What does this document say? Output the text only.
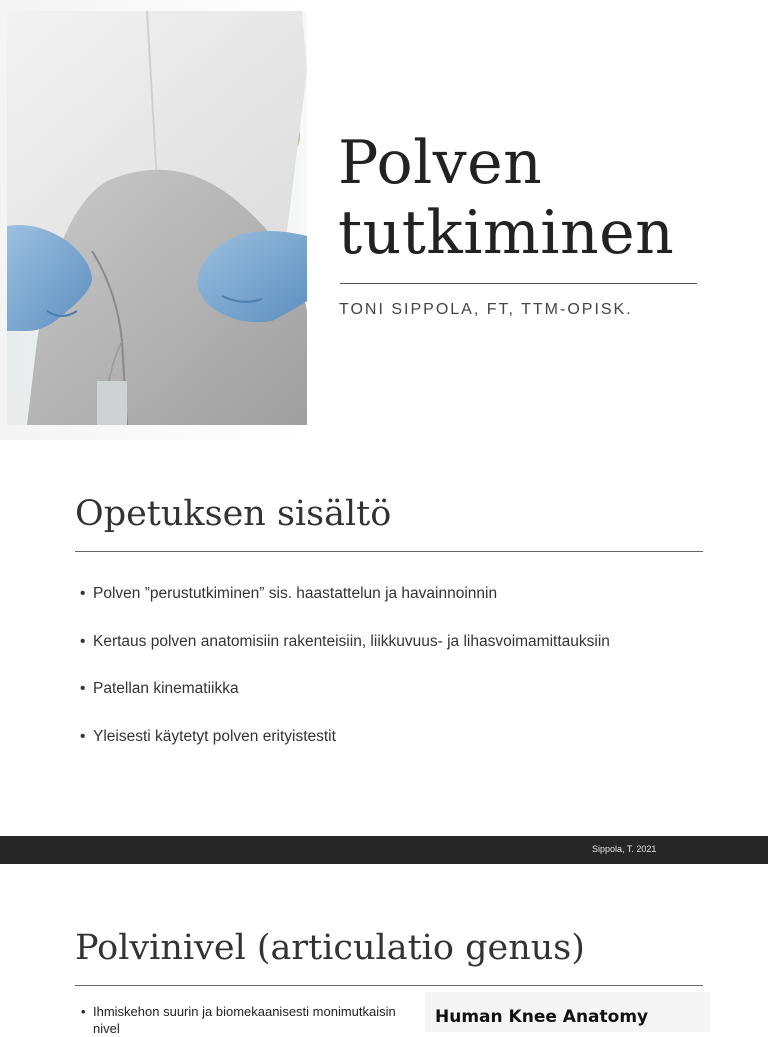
Polven
tutkiminen
TONI SIPPOLA, FT, TTM-OPISK.
Opetuksen sisältö
• Polven ”perustutkiminen” sis. haastattelun ja havainnoinnin
• Kertaus polven anatomisiin rakenteisiin, liikkuvuus- ja lihasvoimamittauksiin
• Patellan kinematiikka
• Yleisesti käytetyt polven erityistestit
Sippola, T. 2021
Polvinivel (articulatio genus)
• Ihmiskehon suurin ja biomekaanisesti monimutkaisin
nivel
Human Knee Anatomy
